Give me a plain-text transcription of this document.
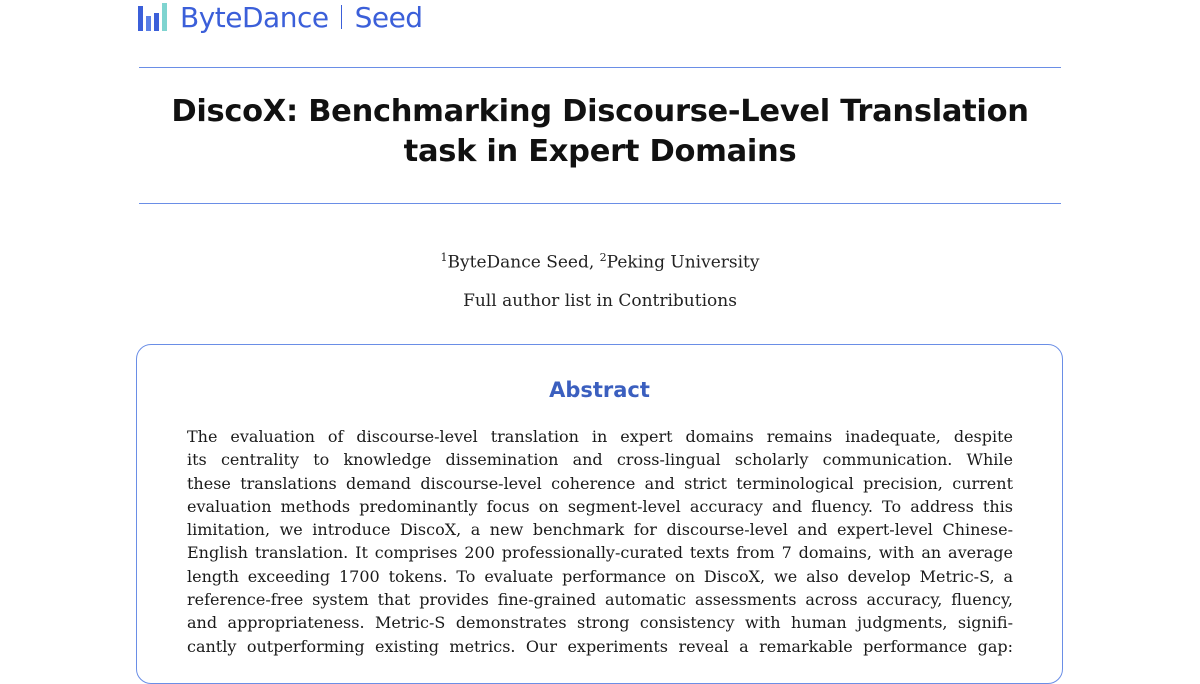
ByteDance Seed
DiscoX: Benchmarking Discourse-Level Translation task in Expert Domains
$^1$ByteDance Seed, $^2$Peking University
Full author list in Contributions
Abstract
The evaluation of discourse-level translation in expert domains remains inadequate, despite
its centrality to knowledge dissemination and cross-lingual scholarly communication. While
these translations demand discourse-level coherence and strict terminological precision, current
evaluation methods predominantly focus on segment-level accuracy and fluency. To address this
limitation, we introduce DiscoX, a new benchmark for discourse-level and expert-level Chinese-
English translation. It comprises 200 professionally-curated texts from 7 domains, with an average
length exceeding 1700 tokens. To evaluate performance on DiscoX, we also develop Metric-S, a
reference-free system that provides fine-grained automatic assessments across accuracy, fluency,
and appropriateness. Metric-S demonstrates strong consistency with human judgments, signifi-
cantly outperforming existing metrics. Our experiments reveal a remarkable performance gap:
